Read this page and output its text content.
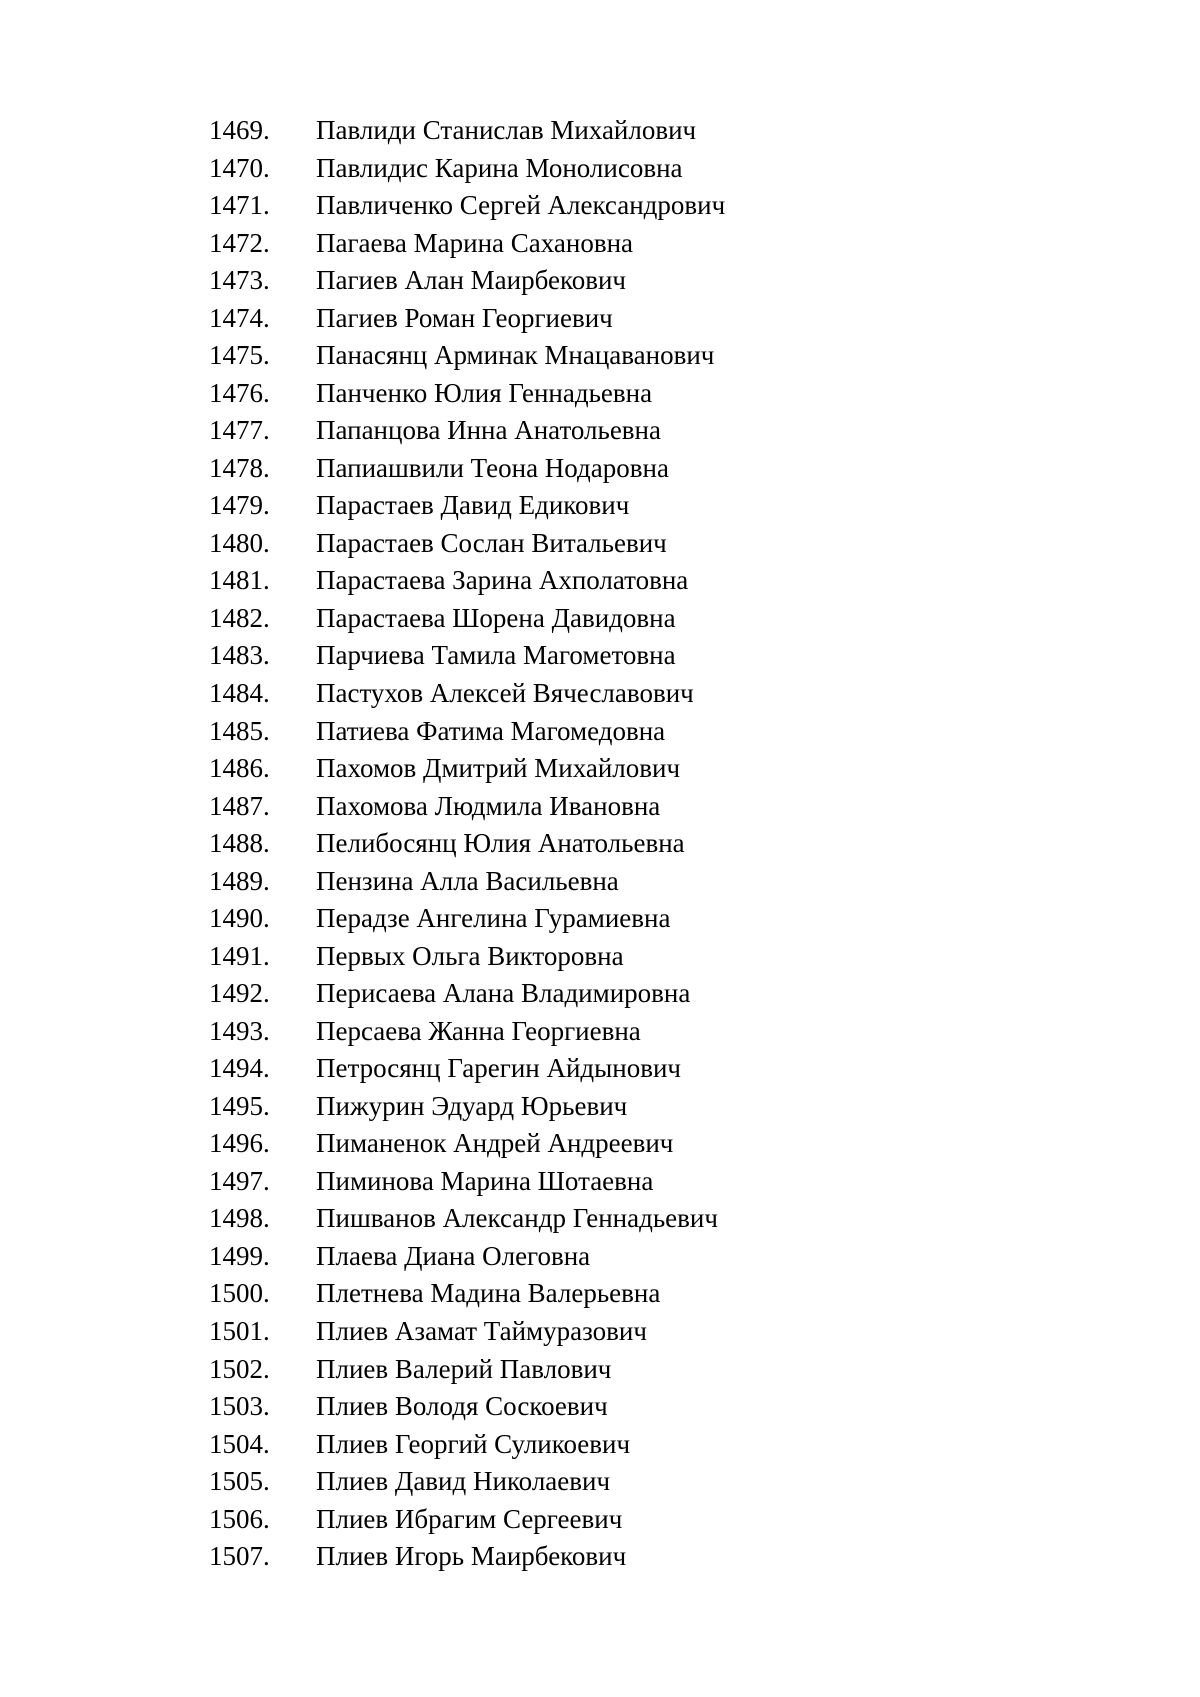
1469. Павлиди Станислав Михайлович
1470. Павлидис Карина Монолисовна
1471. Павличенко Сергей Александрович
1472. Пагаева Марина Сахановна
1473. Пагиев Алан Маирбекович
1474. Пагиев Роман Георгиевич
1475. Панасянц Арминак Мнацаванович
1476. Панченко Юлия Геннадьевна
1477. Папанцова Инна Анатольевна
1478. Папиашвили Теона Нодаровна
1479. Парастаев Давид Едикович
1480. Парастаев Сослан Витальевич
1481. Парастаева Зарина Ахполатовна
1482. Парастаева Шорена Давидовна
1483. Парчиева Тамила Магометовна
1484. Пастухов Алексей Вячеславович
1485. Патиева Фатима Магомедовна
1486. Пахомов Дмитрий Михайлович
1487. Пахомова Людмила Ивановна
1488. Пелибосянц Юлия Анатольевна
1489. Пензина Алла Васильевна
1490. Перадзе Ангелина Гурамиевна
1491. Первых Ольга Викторовна
1492. Перисаева Алана Владимировна
1493. Персаева Жанна Георгиевна
1494. Петросянц Гарегин Айдынович
1495. Пижурин Эдуард Юрьевич
1496. Пиманенок Андрей Андреевич
1497. Пиминова Марина Шотаевна
1498. Пишванов Александр Геннадьевич
1499. Плаева Диана Олеговна
1500. Плетнева Мадина Валерьевна
1501. Плиев Азамат Таймуразович
1502. Плиев Валерий Павлович
1503. Плиев Володя Соскоевич
1504. Плиев Георгий Суликоевич
1505. Плиев Давид Николаевич
1506. Плиев Ибрагим Сергеевич
1507. Плиев Игорь Маирбекович
